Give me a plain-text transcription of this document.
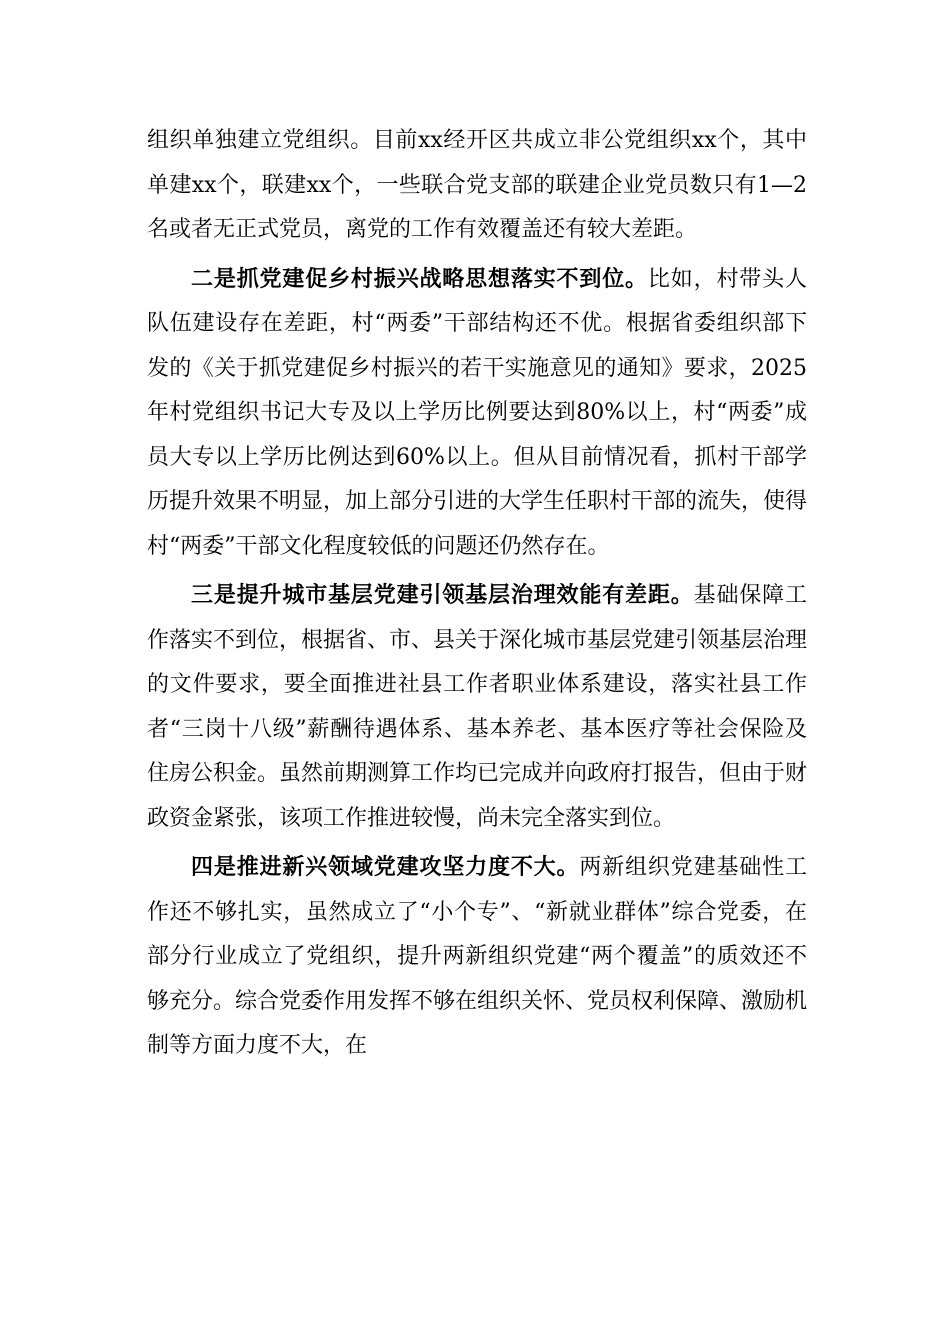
组织单独建立党组织。目前xx经开区共成立非公党组织xx个，其中单建xx个，联建xx个，一些联合党支部的联建企业党员数只有1—2名或者无正式党员，离党的工作有效覆盖还有较大差距。

二是抓党建促乡村振兴战略思想落实不到位。比如，村带头人队伍建设存在差距，村“两委”干部结构还不优。根据省委组织部下发的《关于抓党建促乡村振兴的若干实施意见的通知》要求，2025年村党组织书记大专及以上学历比例要达到80%以上，村“两委”成员大专以上学历比例达到60%以上。但从目前情况看，抓村干部学历提升效果不明显，加上部分引进的大学生任职村干部的流失，使得村“两委”干部文化程度较低的问题还仍然存在。

三是提升城市基层党建引领基层治理效能有差距。基础保障工作落实不到位，根据省、市、县关于深化城市基层党建引领基层治理的文件要求，要全面推进社县工作者职业体系建设，落实社县工作者“三岗十八级”薪酬待遇体系、基本养老、基本医疗等社会保险及住房公积金。虽然前期测算工作均已完成并向政府打报告，但由于财政资金紧张，该项工作推进较慢，尚未完全落实到位。

四是推进新兴领域党建攻坚力度不大。两新组织党建基础性工作还不够扎实，虽然成立了“小个专”、“新就业群体”综合党委，在部分行业成立了党组织，提升两新组织党建“两个覆盖”的质效还不够充分。综合党委作用发挥不够在组织关怀、党员权利保障、激励机制等方面力度不大，在
